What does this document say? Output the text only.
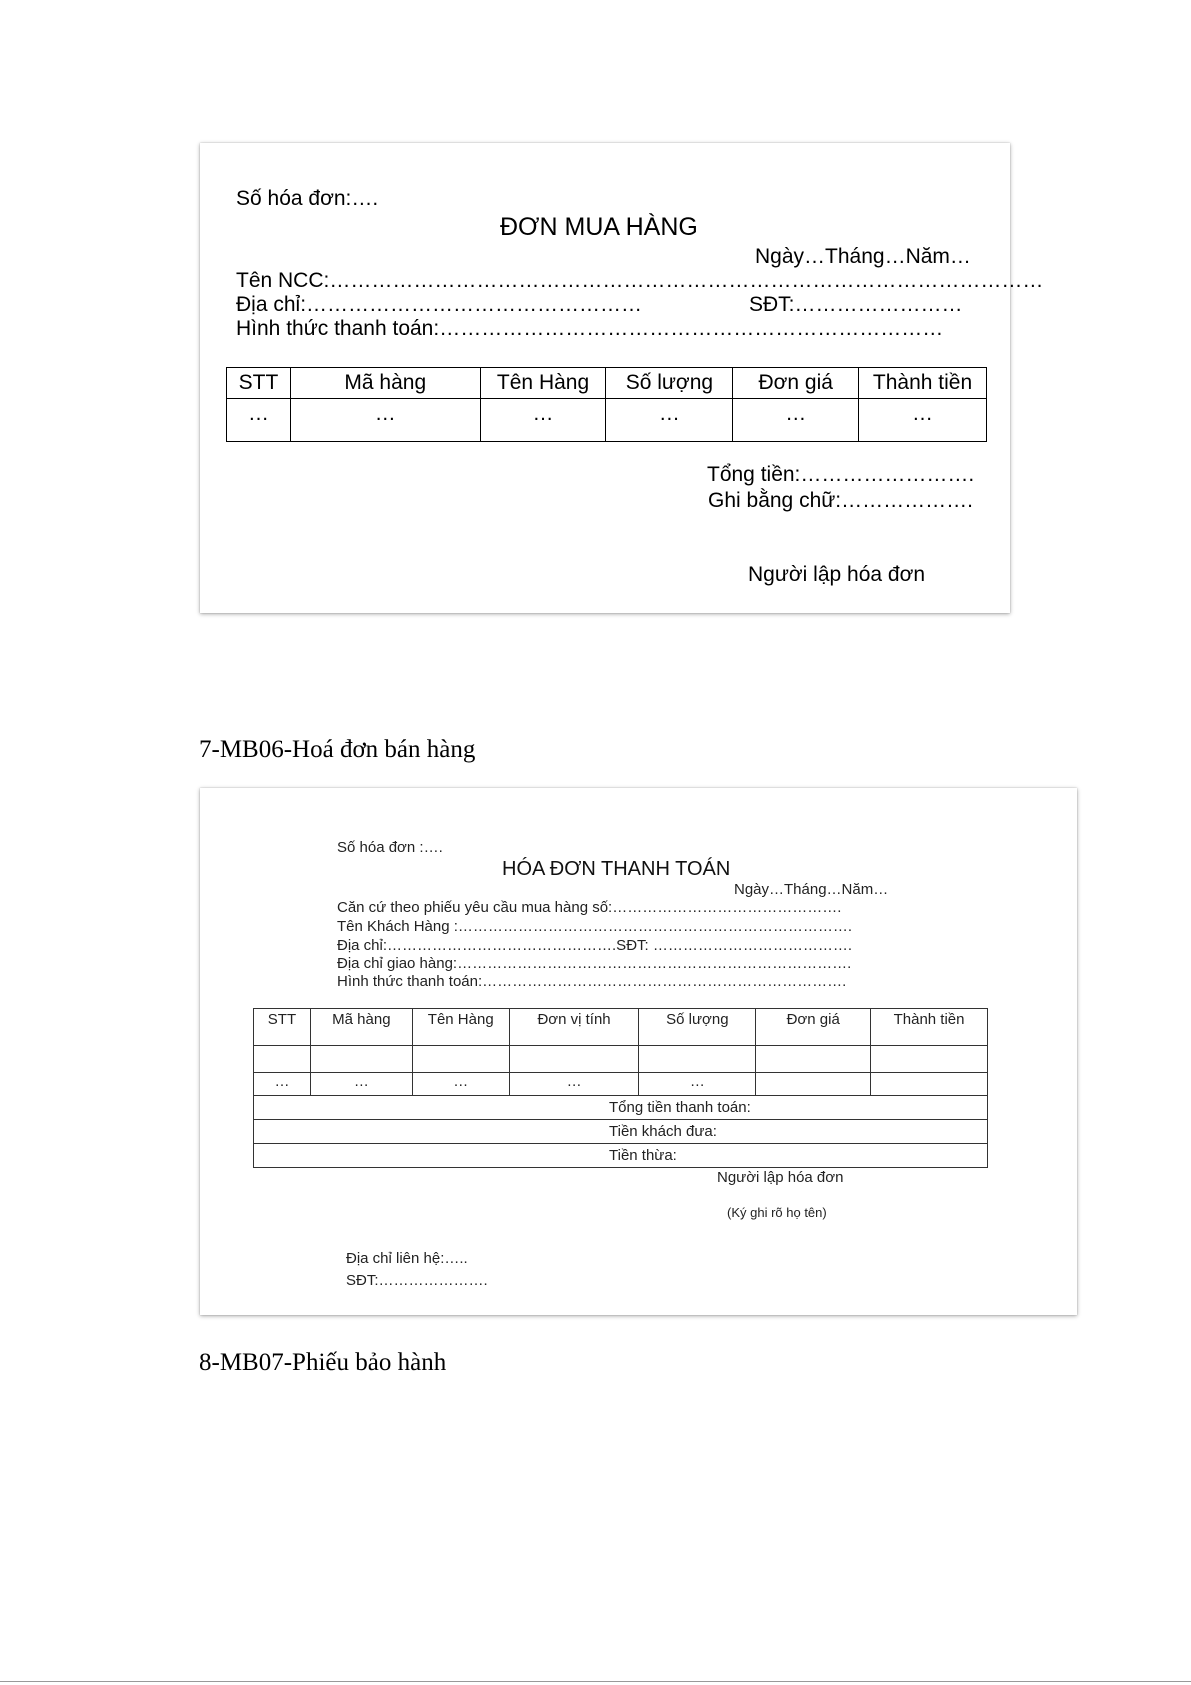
Số hóa đơn:….
ĐƠN MUA HÀNG
Ngày…Tháng…Năm…
Tên NCC:…………………………………………………………………………………………
Địa chỉ:…………………………………………	SĐT:……………………
Hình thức thanh toán:………………………………………………………………
STT	Mã hàng	Tên Hàng	Số lượng	Đơn giá	Thành tiền
…	…	…	…	…	…
Tổng tiền:…………………….
Ghi bằng chữ:……………….
Người lập hóa đơn
7-MB06-Hoá đơn bán hàng
Số hóa đơn :….
HÓA ĐƠN THANH TOÁN
Ngày…Tháng…Năm…
Căn cứ theo phiếu yêu cầu mua hàng số:……………………………………….
Tên Khách Hàng :…………………………………………………………………….
Địa chỉ:……………………………………….SĐT: ………………………………….
Địa chỉ giao hàng:…………………………………………………………………….
Hình thức thanh toán:……………………………………………………………….
STT	Mã hàng	Tên Hàng	Đơn vị tính	Số lượng	Đơn giá	Thành tiền

…	…	…	…	…		
Tổng tiền thanh toán:						
Tiền khách đưa:						
Tiền thừa:						
Người lập hóa đơn
(Ký ghi rõ họ tên)
Địa chỉ liên hệ:…..
SĐT:………………….
8-MB07-Phiếu bảo hành
